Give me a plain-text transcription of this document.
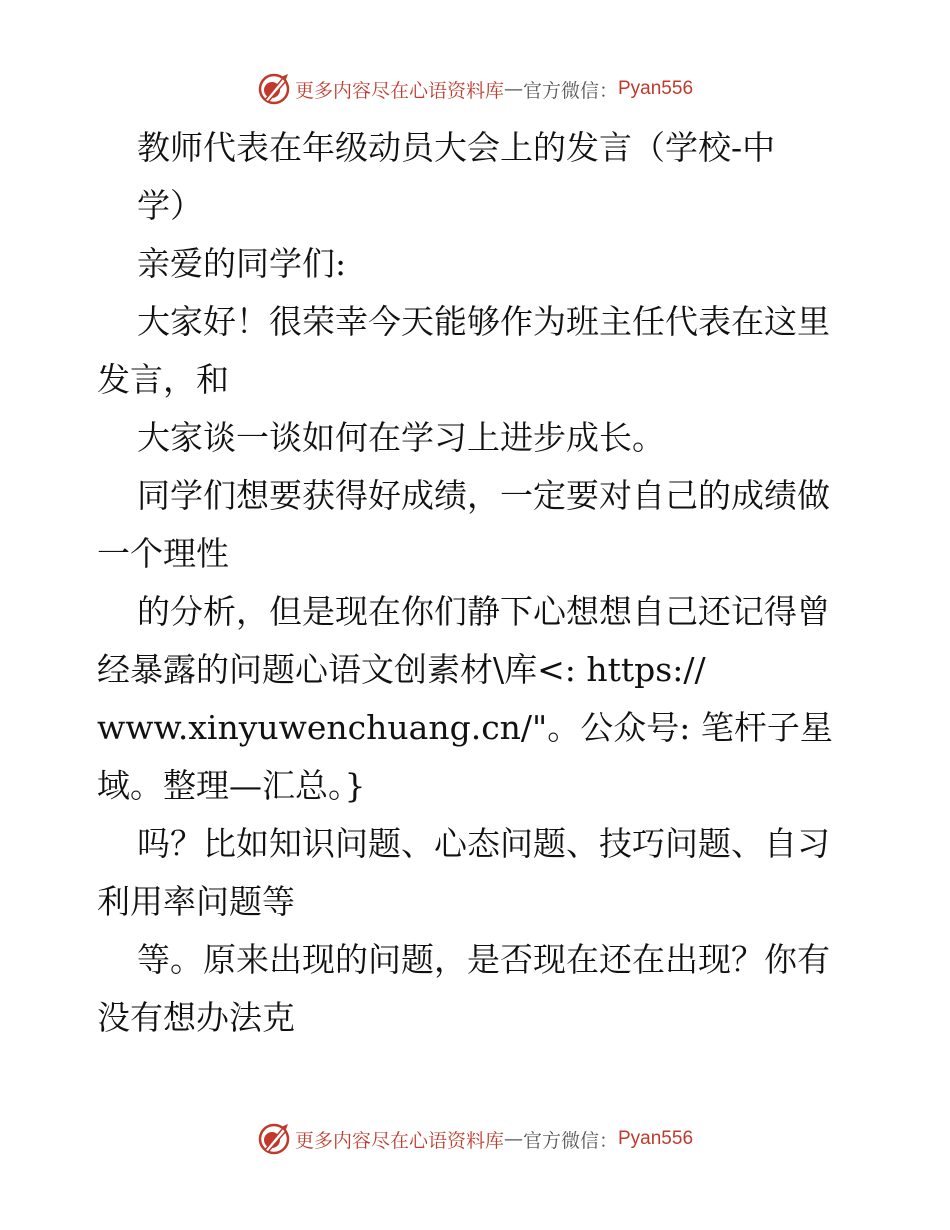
更多内容尽在心语资料库 — 官方微信： Pyan556
教师代表在年级动员大会上的发言（学校-中
学）
亲爱的同学们:
大家好！很荣幸今天能够作为班主任代表在这里
发言，和
大家谈一谈如何在学习上进步成长。
同学们想要获得好成绩，一定要对自己的成绩做
一个理性
的分析，但是现在你们静下心想想自己还记得曾
经暴露的问题心语文创素材\库<: https://
www.xinyuwenchuang.cn/"。公众号: 笔杆子星
域。整理—汇总。}
吗？比如知识问题、心态问题、技巧问题、自习
利用率问题等
等。原来出现的问题，是否现在还在出现？你有
没有想办法克
更多内容尽在心语资料库 — 官方微信： Pyan556
